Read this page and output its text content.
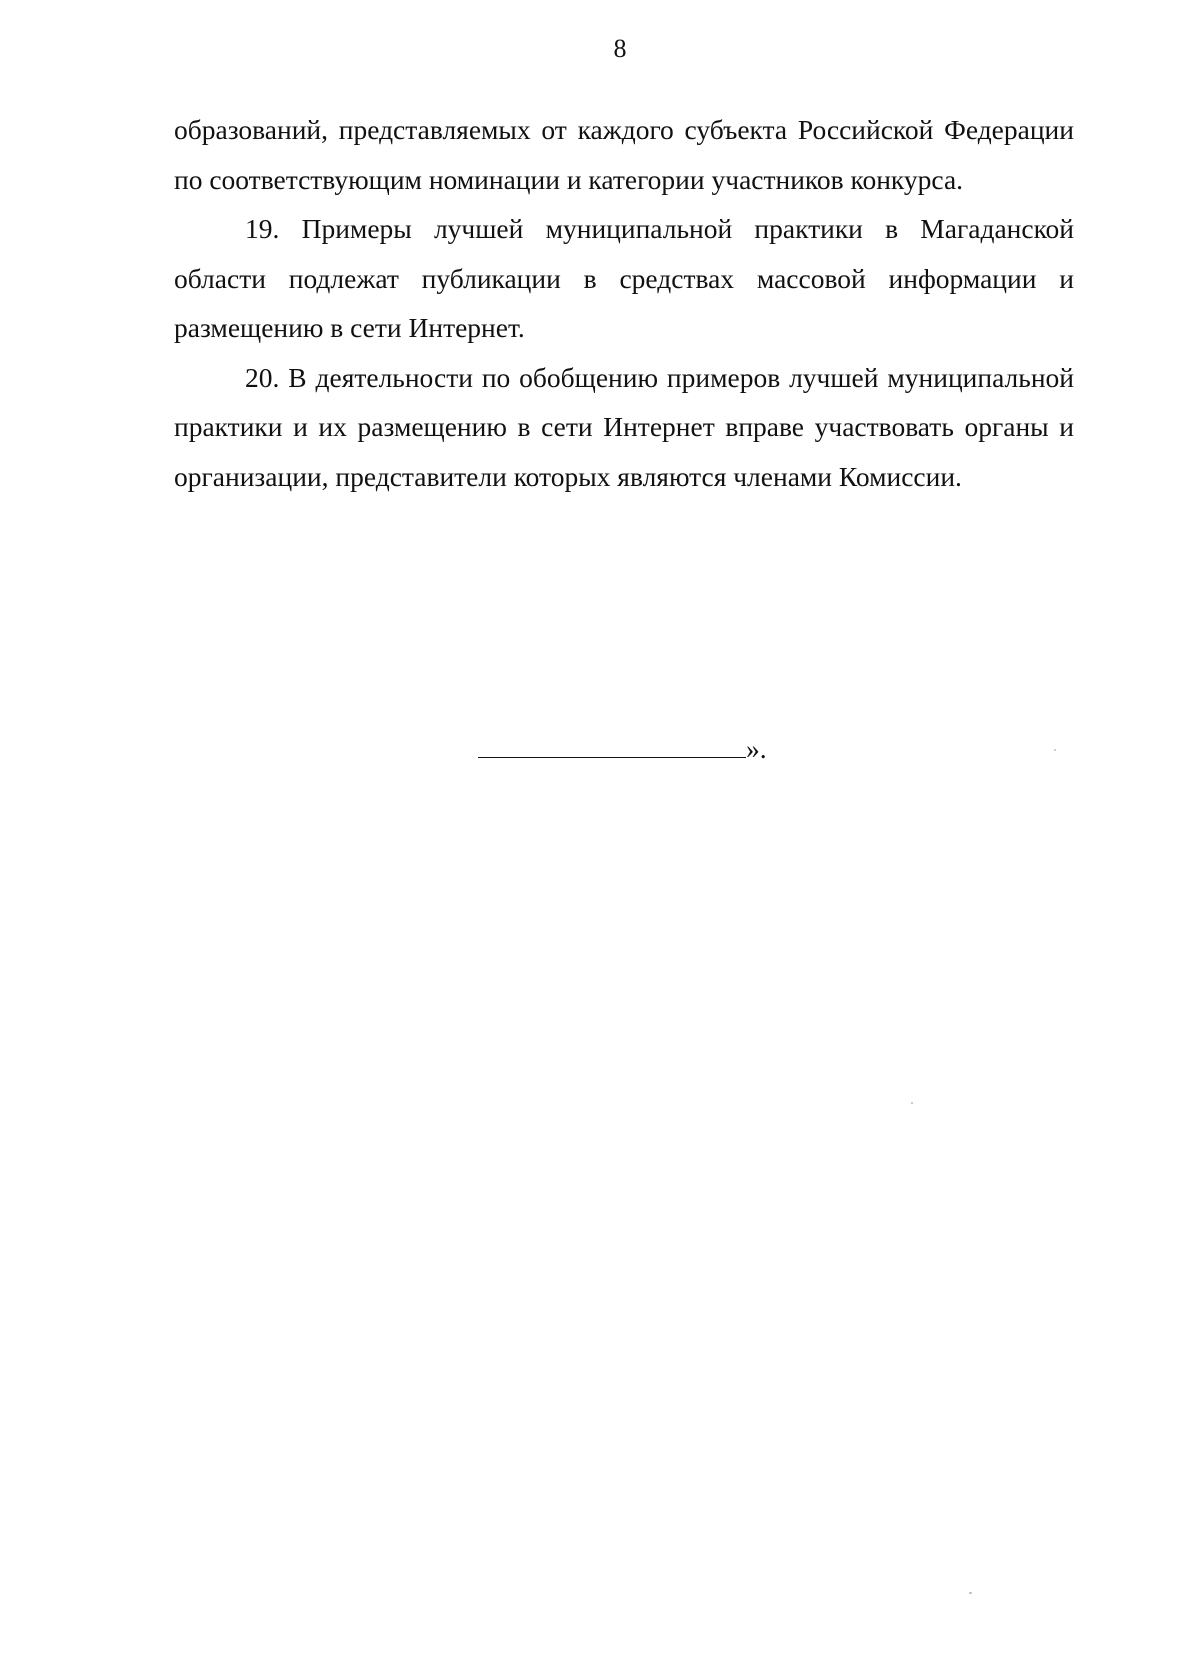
8

образований, представляемых от каждого субъекта Российской Федерации по соответствующим номинации и категории участников конкурса.

19. Примеры лучшей муниципальной практики в Магаданской области подлежат публикации в средствах массовой информации и размещению в сети Интернет.

20. В деятельности по обобщению примеров лучшей муниципальной практики и их размещению в сети Интернет вправе участвовать органы и организации, представители которых являются членами Комиссии.

».
